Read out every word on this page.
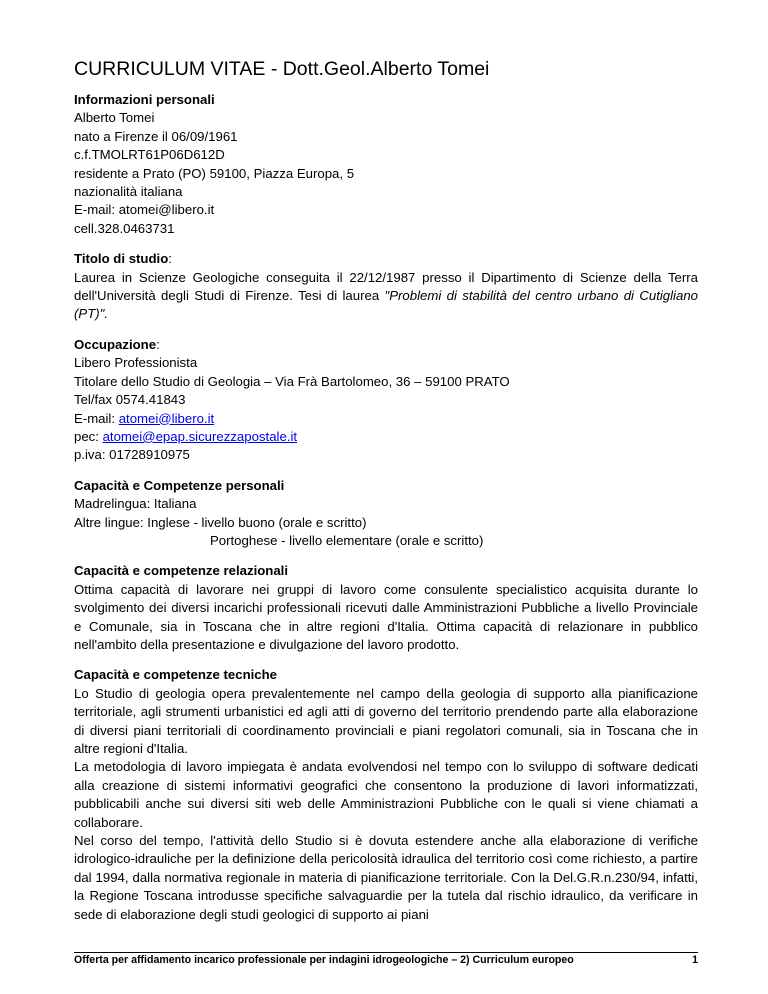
CURRICULUM VITAE - Dott.Geol.Alberto Tomei

Informazioni personali

Alberto Tomei

nato a Firenze il 06/09/1961

c.f.TMOLRT61P06D612D

residente a Prato (PO) 59100, Piazza Europa, 5

nazionalità italiana

E-mail: atomei@libero.it

cell.328.0463731

Titolo di studio:

Laurea in Scienze Geologiche conseguita il 22/12/1987 presso il Dipartimento di Scienze della Terra dell'Università degli Studi di Firenze. Tesi di laurea "Problemi di stabilità del centro urbano di Cutigliano (PT)".

Occupazione:

Libero Professionista

Titolare dello Studio di Geologia – Via Frà Bartolomeo, 36 – 59100 PRATO

Tel/fax 0574.41843

E-mail: atomei@libero.it

pec: atomei@epap.sicurezzapostale.it

p.iva: 01728910975

Capacità e Competenze personali

Madrelingua: Italiana

Altre lingue: Inglese - livello buono (orale e scritto)

Portoghese - livello elementare (orale e scritto)

Capacità e competenze relazionali

Ottima capacità di lavorare nei gruppi di lavoro come consulente specialistico acquisita durante lo svolgimento dei diversi incarichi professionali ricevuti dalle Amministrazioni Pubbliche a livello Provinciale e Comunale, sia in Toscana che in altre regioni d'Italia. Ottima capacità di relazionare in pubblico nell'ambito della presentazione e divulgazione del lavoro prodotto.

Capacità e competenze tecniche

Lo Studio di geologia opera prevalentemente nel campo della geologia di supporto alla pianificazione territoriale, agli strumenti urbanistici ed agli atti di governo del territorio prendendo parte alla elaborazione di diversi piani territoriali di coordinamento provinciali e piani regolatori comunali, sia in Toscana che in altre regioni d'Italia.

La metodologia di lavoro impiegata è andata evolvendosi nel tempo con lo sviluppo di software dedicati alla creazione di sistemi informativi geografici che consentono la produzione di lavori informatizzati, pubblicabili anche sui diversi siti web delle Amministrazioni Pubbliche con le quali si viene chiamati a collaborare.

Nel corso del tempo, l'attività dello Studio si è dovuta estendere anche alla elaborazione di verifiche idrologico-idrauliche per la definizione della pericolosità idraulica del territorio così come richiesto, a partire dal 1994, dalla normativa regionale in materia di pianificazione territoriale. Con la Del.G.R.n.230/94, infatti, la Regione Toscana introdusse specifiche salvaguardie per la tutela dal rischio idraulico, da verificare in sede di elaborazione degli studi geologici di supporto ai piani

Offerta per affidamento incarico professionale per indagini idrogeologiche – 2) Curriculum europeo	1
